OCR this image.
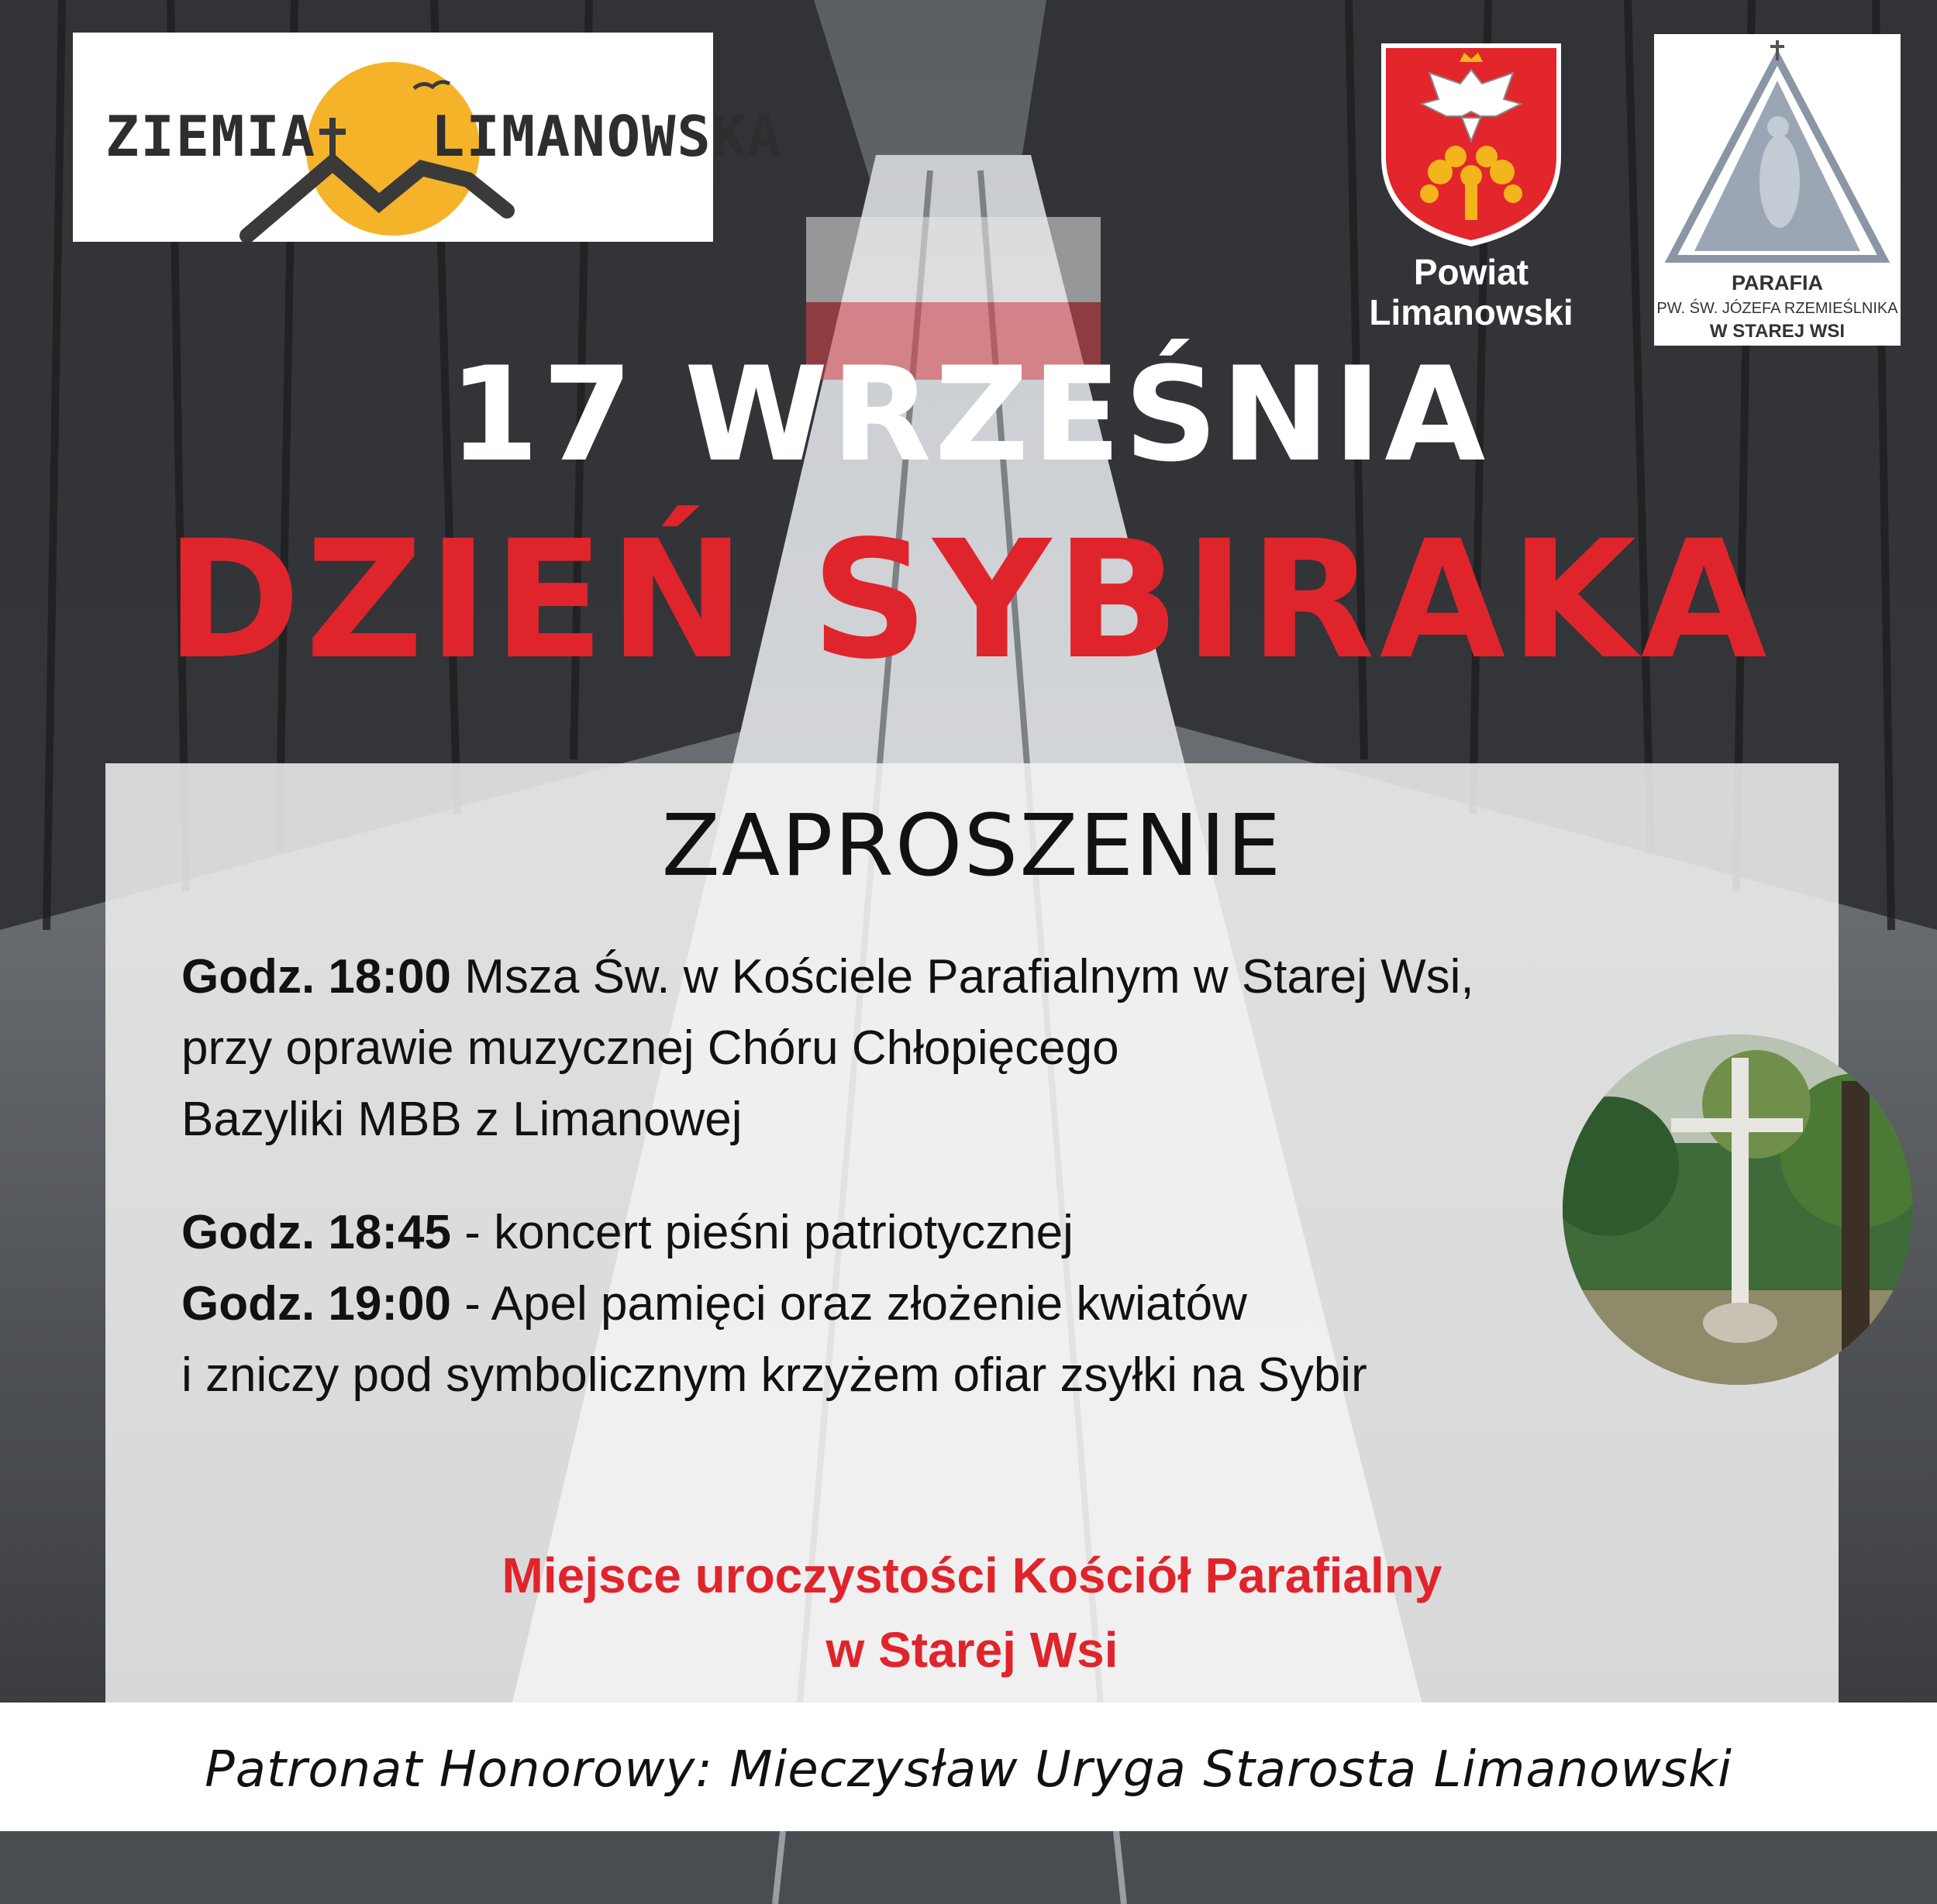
ZIEMIA LIMANOWSKA
Powiat
Limanowski
PARAFIA
PW. ŚW. JÓZEFA RZEMIEŚLNIKA
W STAREJ WSI
17 WRZEŚNIA
DZIEŃ SYBIRAKA
ZAPROSZENIE
Godz. 18:00 Msza Św. w Kościele Parafialnym w Starej Wsi,
przy oprawie muzycznej Chóru Chłopięcego
Bazyliki MBB z Limanowej
Godz. 18:45 - koncert pieśni patriotycznej
Godz. 19:00 - Apel pamięci oraz złożenie kwiatów
i zniczy pod symbolicznym krzyżem ofiar zsyłki na Sybir
Miejsce uroczystości Kościół Parafialny
w Starej Wsi
Patronat Honorowy: Mieczysław Uryga Starosta Limanowski
